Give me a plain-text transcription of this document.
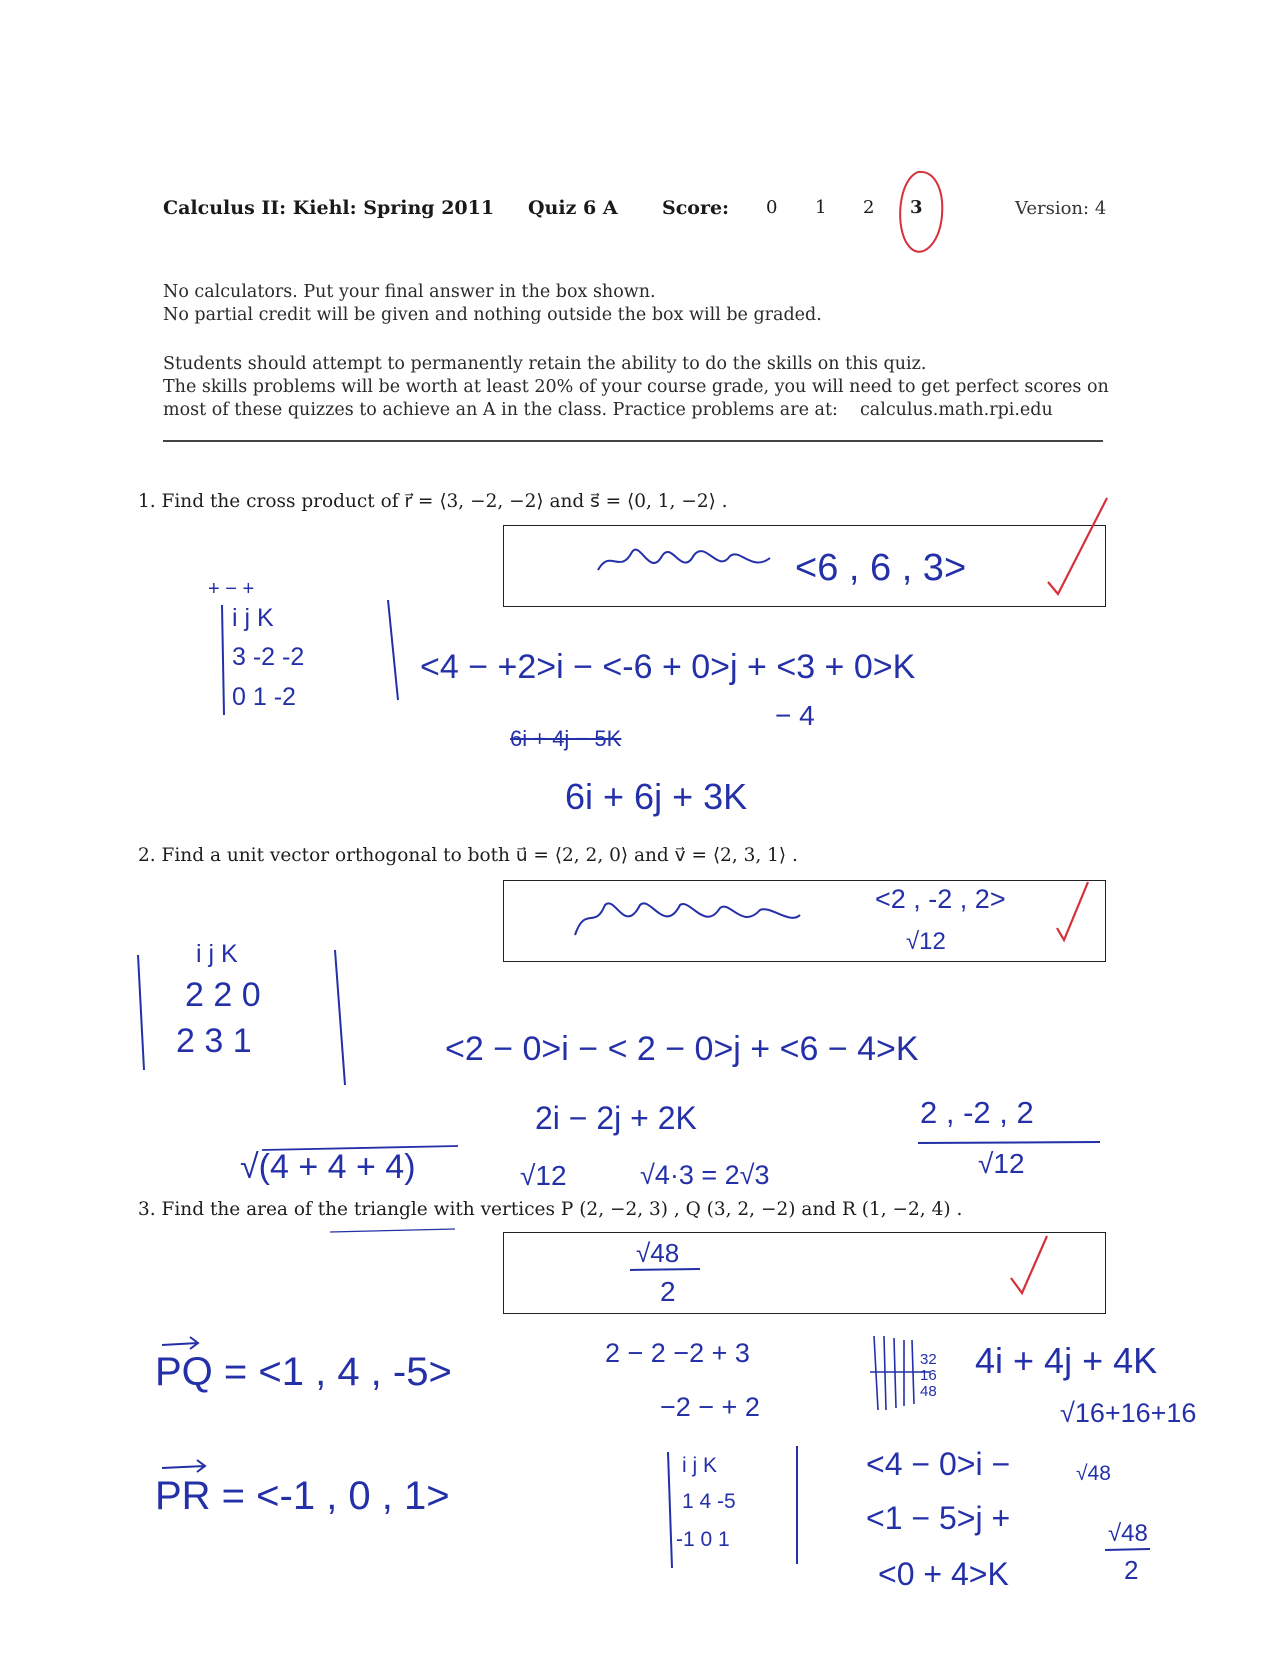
Calculus II: Kiehl: Spring 2011 Quiz 6 A Score: 0 1 2 3	Version: 4
No calculators. Put your final answer in the box shown.
No partial credit will be given and nothing outside the box will be graded.
Students should attempt to permanently retain the ability to do the skills on this quiz.
The skills problems will be worth at least 20% of your course grade, you will need to get perfect scores on
most of these quizzes to achieve an A in the class. Practice problems are at: calculus.math.rpi.edu
1. Find the cross product of r⃗ = ⟨3, −2, −2⟩ and s⃗ = ⟨0, 1, −2⟩ .
<6 , 6 , 3>
+ − +
i j K
3 -2 -2
0 1 -2
<4 − +2>i − <-6 + 0>j + <3 + 0>K
− 4
6i + 4j − 5K
6i + 6j + 3K
2. Find a unit vector orthogonal to both u⃗ = ⟨2, 2, 0⟩ and v⃗ = ⟨2, 3, 1⟩ .
<2 , -2 , 2>
√12
i j K
2 2 0
2 3 1	<2 − 0>i − < 2 − 0>j + <6 − 4>K
2i − 2j + 2K	2 , -2 , 2
√12
√(4 + 4 + 4)	√12	√4·3 = 2√3
3. Find the area of the triangle with vertices P (2, −2, 3) , Q (3, 2, −2) and R (1, −2, 4) .
√48
2
PQ = <1 , 4 , -5>
PR = <-1 , 0 , 1>
2 − 2 −2 + 3
−2 − + 2
i j K
1 4 -5
-1 0 1
32 16 48
4i + 4j + 4K
√16+16+16
<4 − 0>i −
<1 − 5>j +
<0 + 4>K
√48
√48
2
